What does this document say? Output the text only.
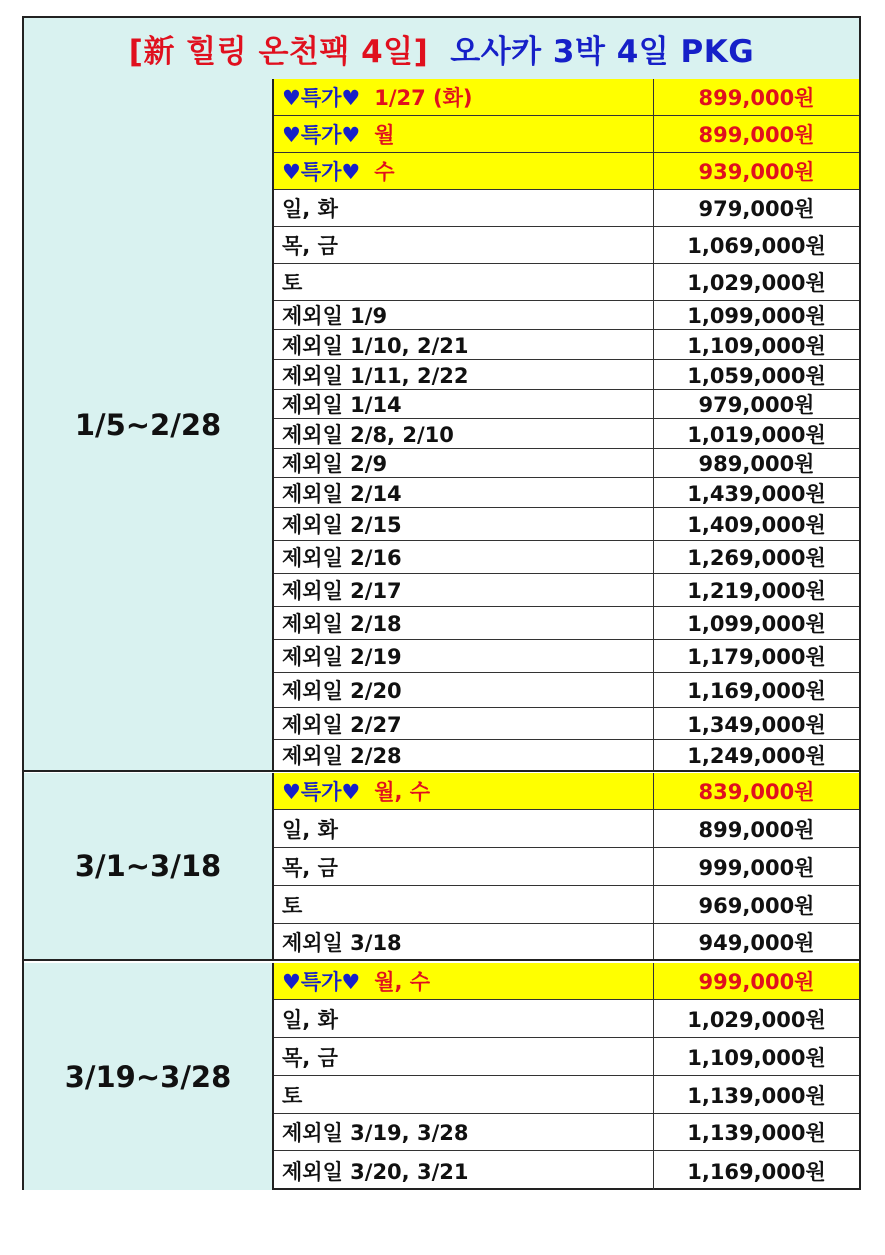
[新 힐링 온천팩 4일] 오사카 3박 4일 PKG
1/5~2/28
♥특가♥ 1/27 (화)	899,000원
♥특가♥ 월	899,000원
♥특가♥ 수	939,000원
일, 화	979,000원
목, 금	1,069,000원
토	1,029,000원
제외일 1/9	1,099,000원
제외일 1/10, 2/21	1,109,000원
제외일 1/11, 2/22	1,059,000원
제외일 1/14	979,000원
제외일 2/8, 2/10	1,019,000원
제외일 2/9	989,000원
제외일 2/14	1,439,000원
제외일 2/15	1,409,000원
제외일 2/16	1,269,000원
제외일 2/17	1,219,000원
제외일 2/18	1,099,000원
제외일 2/19	1,179,000원
제외일 2/20	1,169,000원
제외일 2/27	1,349,000원
제외일 2/28	1,249,000원
3/1~3/18
♥특가♥ 월, 수	839,000원
일, 화	899,000원
목, 금	999,000원
토	969,000원
제외일 3/18	949,000원
3/19~3/28
♥특가♥ 월, 수	999,000원
일, 화	1,029,000원
목, 금	1,109,000원
토	1,139,000원
제외일 3/19, 3/28	1,139,000원
제외일 3/20, 3/21	1,169,000원
